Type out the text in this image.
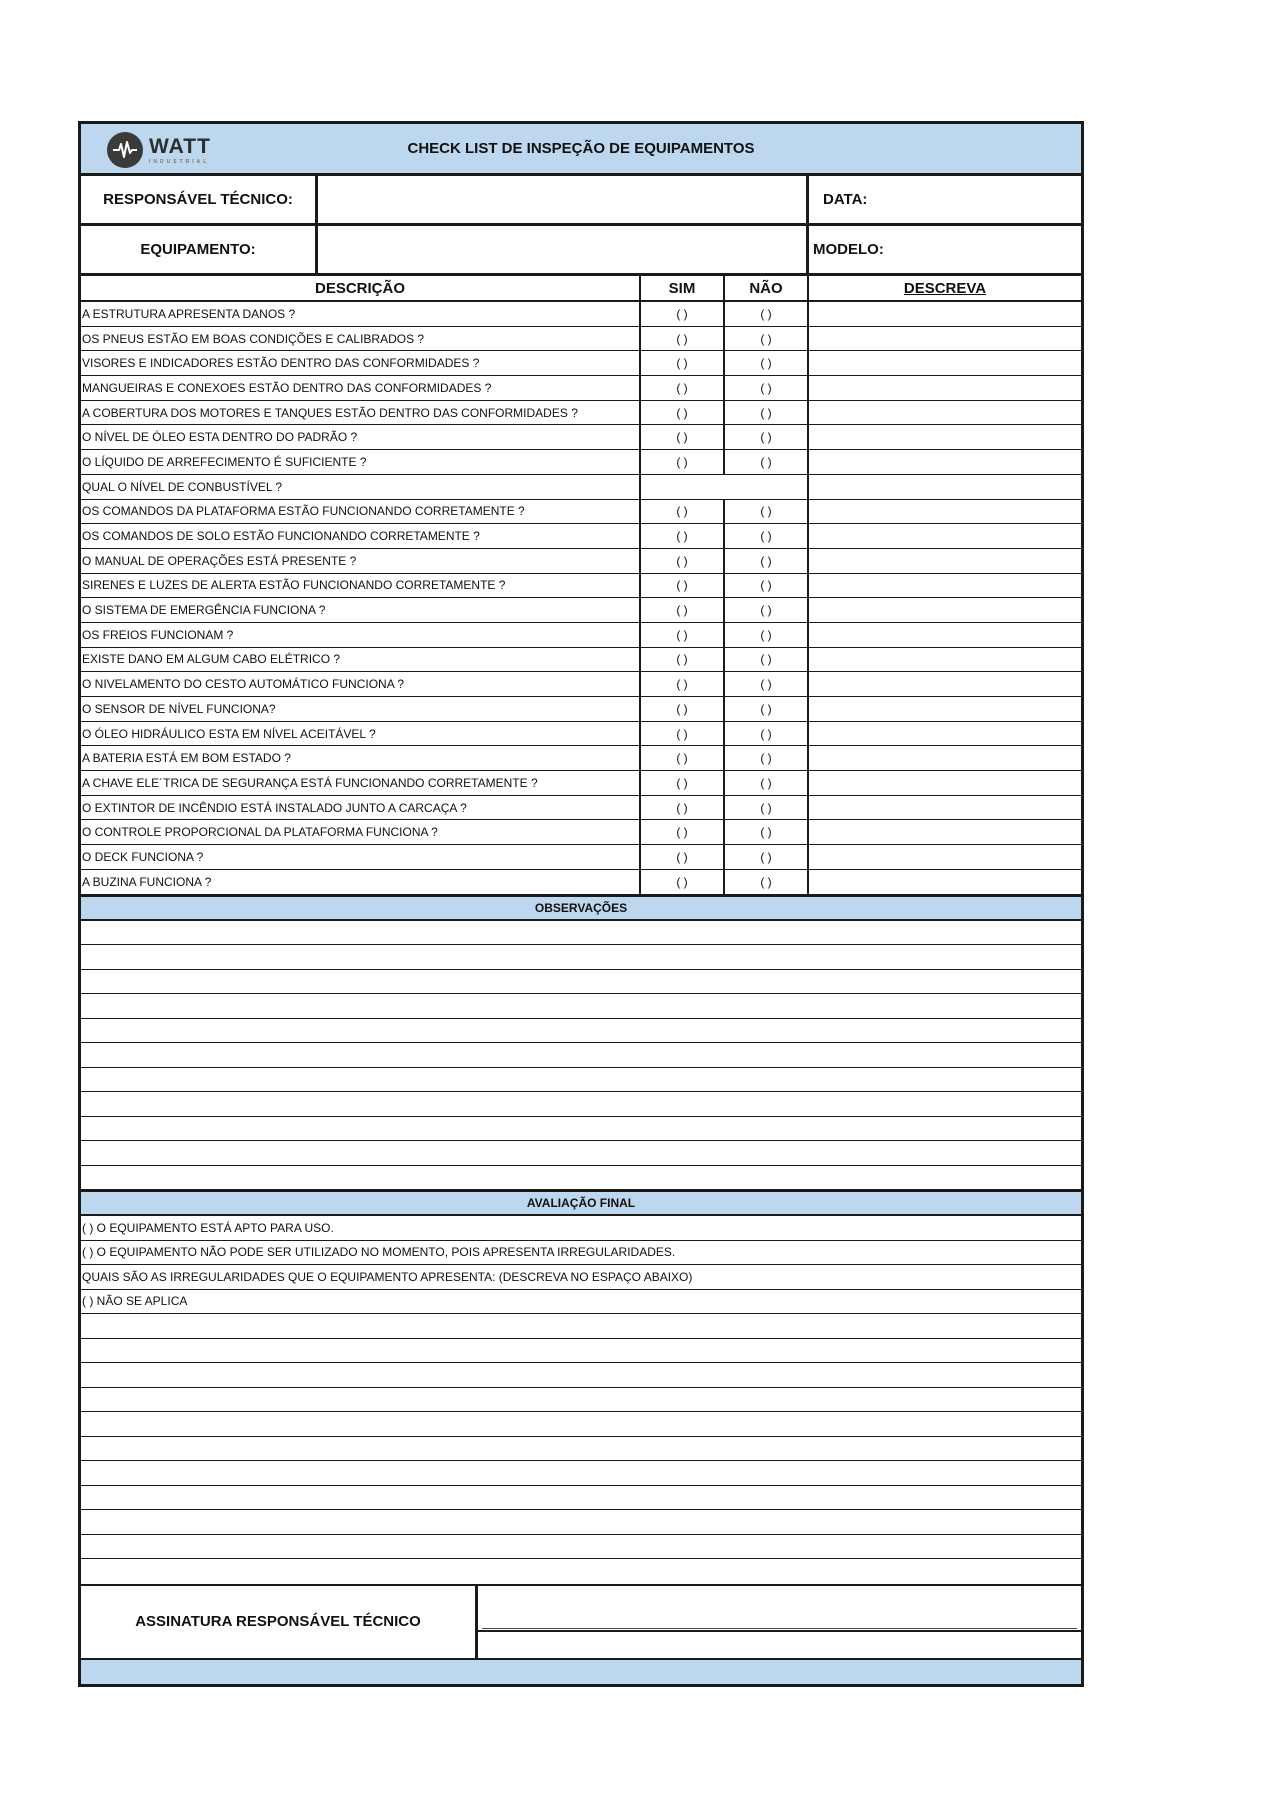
WATT
INDUSTRIAL
CHECK LIST DE INSPEÇÃO DE EQUIPAMENTOS
RESPONSÁVEL TÉCNICO:	DATA:
EQUIPAMENTO:	MODELO:
DESCRIÇÃO	SIM	NÃO	DESCREVA
A ESTRUTURA APRESENTA DANOS ?	( )	( )
OS PNEUS ESTÃO EM BOAS CONDIÇÕES E CALIBRADOS ?	( )	( )
VISORES E INDICADORES ESTÃO DENTRO DAS CONFORMIDADES ?	( )	( )
MANGUEIRAS E CONEXOES ESTÃO DENTRO DAS CONFORMIDADES ?	( )	( )
A COBERTURA DOS MOTORES E TANQUES ESTÃO DENTRO DAS CONFORMIDADES ?	( )	( )
O NÍVEL DE ÓLEO ESTA DENTRO DO PADRÃO ?	( )	( )
O LÍQUIDO DE ARREFECIMENTO É SUFICIENTE ?	( )	( )
QUAL O NÍVEL DE CONBUSTÍVEL ?
OS COMANDOS DA PLATAFORMA ESTÃO FUNCIONANDO CORRETAMENTE ?	( )	( )
OS COMANDOS DE SOLO ESTÃO FUNCIONANDO CORRETAMENTE ?	( )	( )
O MANUAL DE OPERAÇÕES ESTÁ PRESENTE ?	( )	( )
SIRENES E LUZES DE ALERTA ESTÃO FUNCIONANDO CORRETAMENTE ?	( )	( )
O SISTEMA DE EMERGÊNCIA FUNCIONA ?	( )	( )
OS FREIOS FUNCIONAM ?	( )	( )
EXISTE DANO EM ALGUM CABO ELÉTRICO ?	( )	( )
O NIVELAMENTO DO CESTO AUTOMÁTICO FUNCIONA ?	( )	( )
O SENSOR DE NÍVEL FUNCIONA?	( )	( )
O ÓLEO HIDRÁULICO ESTA EM NÍVEL ACEITÁVEL ?	( )	( )
A BATERIA ESTÁ EM BOM ESTADO ?	( )	( )
A CHAVE ELE´TRICA DE SEGURANÇA ESTÁ FUNCIONANDO CORRETAMENTE ?	( )	( )
O EXTINTOR DE INCÊNDIO ESTÁ INSTALADO JUNTO A CARCAÇA ?	( )	( )
O CONTROLE PROPORCIONAL DA PLATAFORMA FUNCIONA ?	( )	( )
O DECK FUNCIONA ?	( )	( )
A BUZINA FUNCIONA ?	( )	( )
OBSERVAÇÕES
AVALIAÇÃO FINAL
( ) O EQUIPAMENTO ESTÁ APTO PARA USO.
( ) O EQUIPAMENTO NÃO PODE SER UTILIZADO NO MOMENTO, POIS APRESENTA IRREGULARIDADES.
QUAIS SÃO AS IRREGULARIDADES QUE O EQUIPAMENTO APRESENTA: (DESCREVA NO ESPAÇO ABAIXO)
( ) NÃO SE APLICA
ASSINATURA RESPONSÁVEL TÉCNICO
